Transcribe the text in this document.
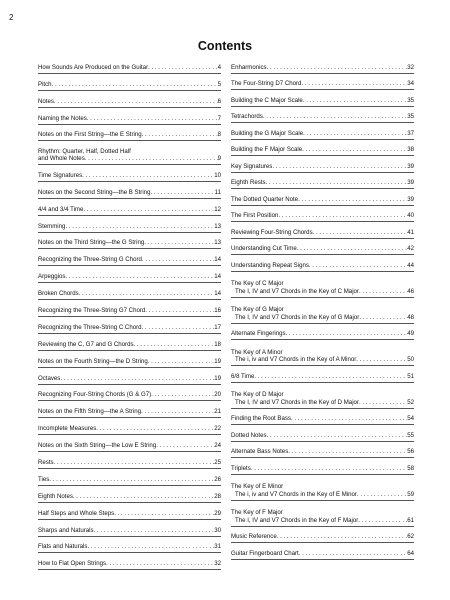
2
Contents
How Sounds Are Produced on the Guitar . . .	4
Pitch . . .	5
Notes . . .	6
Naming the Notes . . .	7
Notes on the First String—the E String . . .	8
Rhythm: Quarter, Half, Dotted Half
and Whole Notes . . .	9
Time Signatures . . .	10
Notes on the Second String—the B String . . .	11
4/4 and 3/4 Time . . .	12
Stemming . . .	13
Notes on the Third String—the G String . . .	13
Recognizing the Three-String G Chord . . .	14
Arpeggios . . .	14
Broken Chords . . .	14
Recognizing the Three-String G7 Chord . . .	16
Recognizing the Three-String C Chord . . .	17
Reviewing the C, G7 and G Chords . . .	18
Notes on the Fourth String—the D String . . .	19
Octaves . . .	19
Recognizing Four-String Chords (G & G7) . . .	20
Notes on the Fifth String—the A String . . .	21
Incomplete Measures . . .	22
Notes on the Sixth String—the Low E String . . .	24
Rests . . .	25
Ties . . .	26
Eighth Notes . . .	28
Half Steps and Whole Steps . . .	29
Sharps and Naturals . . .	30
Flats and Naturals . . .	31
How to Flat Open Strings . . .	32
Enharmonics . . .	32
The Four-String D7 Chord . . .	34
Building the C Major Scale . . .	35
Tetrachords . . .	35
Building the G Major Scale . . .	37
Building the F Major Scale . . .	38
Key Signatures . . .	39
Eighth Rests . . .	39
The Dotted Quarter Note . . .	39
The First Position . . .	40
Reviewing Four-String Chords . . .	41
Understanding Cut Time . . .	42
Understanding Repeat Signs . . .	44
The Key of C Major
The I, IV and V7 Chords in the Key of C Major . . .	46
The Key of G Major
The I, IV and V7 Chords in the Key of G Major . . .	48
Alternate Fingerings . . .	49
The Key of A Minor
The i, iv and V7 Chords in the Key of A Minor . . .	50
6/8 Time . . .	51
The Key of D Major
The I, IV and V7 Chords in the Key of D Major . . .	52
Finding the Root Bass . . .	54
Dotted Notes . . .	55
Alternate Bass Notes . . .	56
Triplets . . .	58
The Key of E Minor
The i, iv and V7 Chords in the Key of E Minor . . .	59
The Key of F Major
The I, IV and V7 Chords in the Key of F Major . . .	61
Music Reference . . .	62
Guitar Fingerboard Chart . . .	64
